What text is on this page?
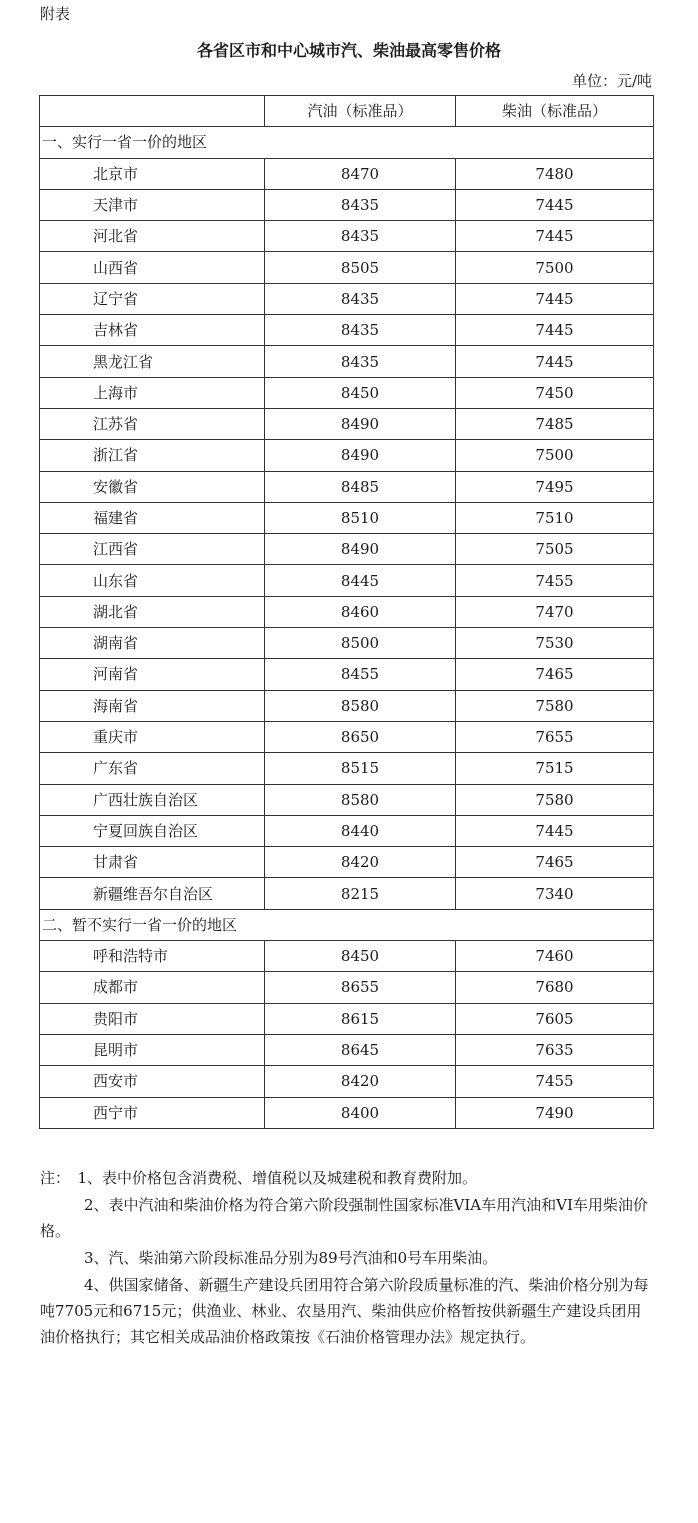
附表
各省区市和中心城市汽、柴油最高零售价格
单位：元/吨
	汽油（标准品）	柴油（标准品）
一、实行一省一价的地区		
北京市	8470	7480
天津市	8435	7445
河北省	8435	7445
山西省	8505	7500
辽宁省	8435	7445
吉林省	8435	7445
黑龙江省	8435	7445
上海市	8450	7450
江苏省	8490	7485
浙江省	8490	7500
安徽省	8485	7495
福建省	8510	7510
江西省	8490	7505
山东省	8445	7455
湖北省	8460	7470
湖南省	8500	7530
河南省	8455	7465
海南省	8580	7580
重庆市	8650	7655
广东省	8515	7515
广西壮族自治区	8580	7580
宁夏回族自治区	8440	7445
甘肃省	8420	7465
新疆维吾尔自治区	8215	7340
二、暂不实行一省一价的地区		
呼和浩特市	8450	7460
成都市	8655	7680
贵阳市	8615	7605
昆明市	8645	7635
西安市	8420	7455
西宁市	8400	7490

注：　1、表中价格包含消费税、增值税以及城建税和教育费附加。

2、表中汽油和柴油价格为符合第六阶段强制性国家标准VIA车用汽油和VI车用柴油价格。

3、汽、柴油第六阶段标准品分别为89号汽油和0号车用柴油。

4、供国家储备、新疆生产建设兵团用符合第六阶段质量标准的汽、柴油价格分别为每吨7705元和6715元；供渔业、林业、农垦用汽、柴油供应价格暂按供新疆生产建设兵团用油价格执行；其它相关成品油价格政策按《石油价格管理办法》规定执行。
